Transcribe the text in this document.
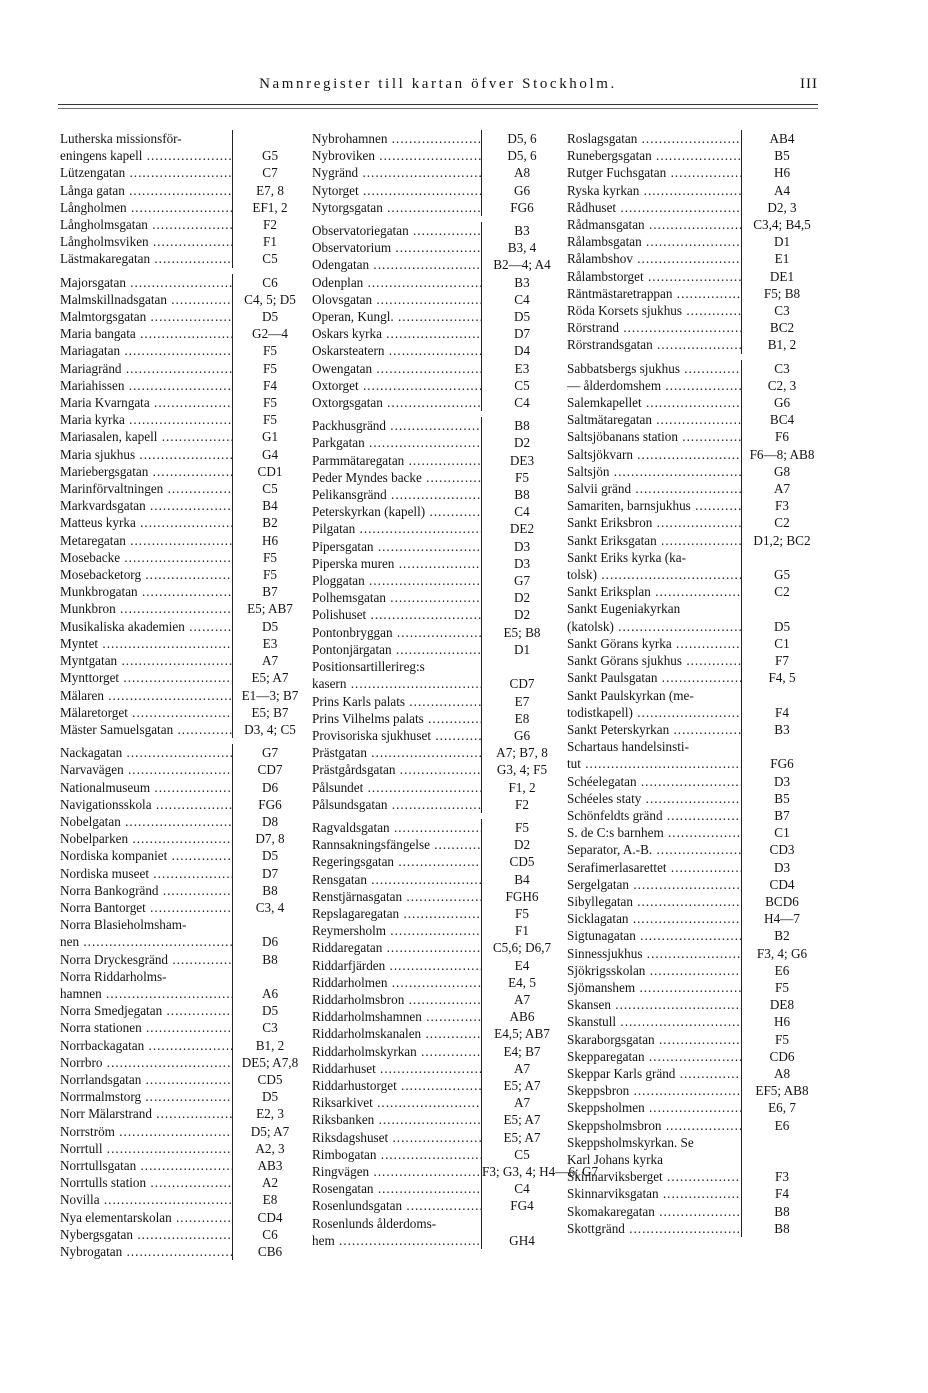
Namnregister till kartan öfver Stockholm.	III
Lutherska missionsför-
eningens kapell .....	G5
Lützengatan .....	C7
Långa gatan .....	E7, 8
Långholmen .....	EF1, 2
Långholmsgatan .....	F2
Långholmsviken .....	F1
Lästmakaregatan .....	C5
Majorsgatan .....	C6
Malmskillnadsgatan .....	C4, 5; D5
Malmtorgsgatan .....	D5
Maria bangata .....	G2—4
Mariagatan .....	F5
Mariagränd .....	F5
Mariahissen .....	F4
Maria Kvarngata .....	F5
Maria kyrka .....	F5
Mariasalen, kapell .....	G1
Maria sjukhus .....	G4
Mariebergsgatan .....	CD1
Marinförvaltningen .....	C5
Markvardsgatan .....	B4
Matteus kyrka .....	B2
Metaregatan .....	H6
Mosebacke .....	F5
Mosebacketorg .....	F5
Munkbrogatan .....	B7
Munkbron .....	E5; AB7
Musikaliska akademien .....	D5
Myntet .....	E3
Myntgatan .....	A7
Mynttorget .....	E5; A7
Mälaren .....	E1—3; B7
Mälaretorget .....	E5; B7
Mäster Samuelsgatan .....	D3, 4; C5
Nackagatan .....	G7
Narvavägen .....	CD7
Nationalmuseum .....	D6
Navigationsskola .....	FG6
Nobelgatan .....	D8
Nobelparken .....	D7, 8
Nordiska kompaniet .....	D5
Nordiska museet .....	D7
Norra Bankogränd .....	B8
Norra Bantorget .....	C3, 4
Norra Blasieholmsham-
nen .....	D6
Norra Dryckesgränd .....	B8
Norra Riddarholms-
hamnen .....	A6
Norra Smedjegatan .....	D5
Norra stationen .....	C3
Norrbackagatan .....	B1, 2
Norrbro .....	DE5; A7,8
Norrlandsgatan .....	CD5
Norrmalmstorg .....	D5
Norr Mälarstrand .....	E2, 3
Norrström .....	D5; A7
Norrtull .....	A2, 3
Norrtullsgatan .....	AB3
Norrtulls station .....	A2
Novilla .....	E8
Nya elementarskolan .....	CD4
Nybergsgatan .....	C6
Nybrogatan .....	CB6
Nybrohamnen .....	D5, 6
Nybroviken .....	D5, 6
Nygränd .....	A8
Nytorget .....	G6
Nytorgsgatan .....	FG6
Observatoriegatan .....	B3
Observatorium .....	B3, 4
Odengatan .....	B2—4; A4
Odenplan .....	B3
Olovsgatan .....	C4
Operan, Kungl. .....	D5
Oskars kyrka .....	D7
Oskarsteatern .....	D4
Owengatan .....	E3
Oxtorget .....	C5
Oxtorgsgatan .....	C4
Packhusgränd .....	B8
Parkgatan .....	D2
Parmmätaregatan .....	DE3
Peder Myndes backe .....	F5
Pelikansgränd .....	B8
Peterskyrkan (kapell) .....	C4
Pilgatan .....	DE2
Pipersgatan .....	D3
Piperska muren .....	D3
Ploggatan .....	G7
Polhemsgatan .....	D2
Polishuset .....	D2
Pontonbryggan .....	E5; B8
Pontonjärgatan .....	D1
Positionsartillerireg:s
kasern .....	CD7
Prins Karls palats .....	E7
Prins Vilhelms palats .....	E8
Provisoriska sjukhuset .....	G6
Prästgatan .....	A7; B7, 8
Prästgårdsgatan .....	G3, 4; F5
Pålsundet .....	F1, 2
Pålsundsgatan .....	F2
Ragvaldsgatan .....	F5
Rannsakningsfängelse .....	D2
Regeringsgatan .....	CD5
Rensgatan .....	B4
Renstjärnasgatan .....	FGH6
Repslagaregatan .....	F5
Reymersholm .....	F1
Riddaregatan .....	C5,6; D6,7
Riddarfjärden .....	E4
Riddarholmen .....	E4, 5
Riddarholmsbron .....	A7
Riddarholmshamnen .....	AB6
Riddarholmskanalen .....	E4,5; AB7
Riddarholmskyrkan .....	E4; B7
Riddarhuset .....	A7
Riddarhustorget .....	E5; A7
Riksarkivet .....	A7
Riksbanken .....	E5; A7
Riksdagshuset .....	E5; A7
Rimbogatan .....	C5
Ringvägen .....	F3; G3, 4; H4—6; G7
Rosengatan .....	C4
Rosenlundsgatan .....	FG4
Rosenlunds ålderdoms-
hem .....	GH4
Roslagsgatan .....	AB4
Runebergsgatan .....	B5
Rutger Fuchsgatan .....	H6
Ryska kyrkan .....	A4
Rådhuset .....	D2, 3
Rådmansgatan .....	C3,4; B4,5
Rålambsgatan .....	D1
Rålambshov .....	E1
Rålambstorget .....	DE1
Räntmästaretrappan .....	F5; B8
Röda Korsets sjukhus .....	C3
Rörstrand .....	BC2
Rörstrandsgatan .....	B1, 2
Sabbatsbergs sjukhus .....	C3
— ålderdomshem .....	C2, 3
Salemkapellet .....	G6
Saltmätaregatan .....	BC4
Saltsjöbanans station .....	F6
Saltsjökvarn .....	F6—8; AB8
Saltsjön .....	G8
Salvii gränd .....	A7
Samariten, barnsjukhus .....	F3
Sankt Eriksbron .....	C2
Sankt Eriksgatan .....	D1,2; BC2
Sankt Eriks kyrka (ka-
tolsk) .....	G5
Sankt Eriksplan .....	C2
Sankt Eugeniakyrkan
(katolsk) .....	D5
Sankt Görans kyrka .....	C1
Sankt Görans sjukhus .....	F7
Sankt Paulsgatan .....	F4, 5
Sankt Paulskyrkan (me-
todistkapell) .....	F4
Sankt Peterskyrkan .....	B3
Schartaus handelsinsti-
tut .....	FG6
Schéelegatan .....	D3
Schéeles staty .....	B5
Schönfeldts gränd .....	B7
S. de C:s barnhem .....	C1
Separator, A.-B. .....	CD3
Serafimerlasarettet .....	D3
Sergelgatan .....	CD4
Sibyllegatan .....	BCD6
Sicklagatan .....	H4—7
Sigtunagatan .....	B2
Sinnessjukhus .....	F3, 4; G6
Sjökrigsskolan .....	E6
Sjömanshem .....	F5
Skansen .....	DE8
Skanstull .....	H6
Skaraborgsgatan .....	F5
Skepparegatan .....	CD6
Skeppar Karls gränd .....	A8
Skeppsbron .....	EF5; AB8
Skeppsholmen .....	E6, 7
Skeppsholmsbron .....	E6
Skeppsholmskyrkan. Se
Karl Johans kyrka
Skinnarviksberget .....	F3
Skinnarviksgatan .....	F4
Skomakaregatan .....	B8
Skottgränd .....	B8
